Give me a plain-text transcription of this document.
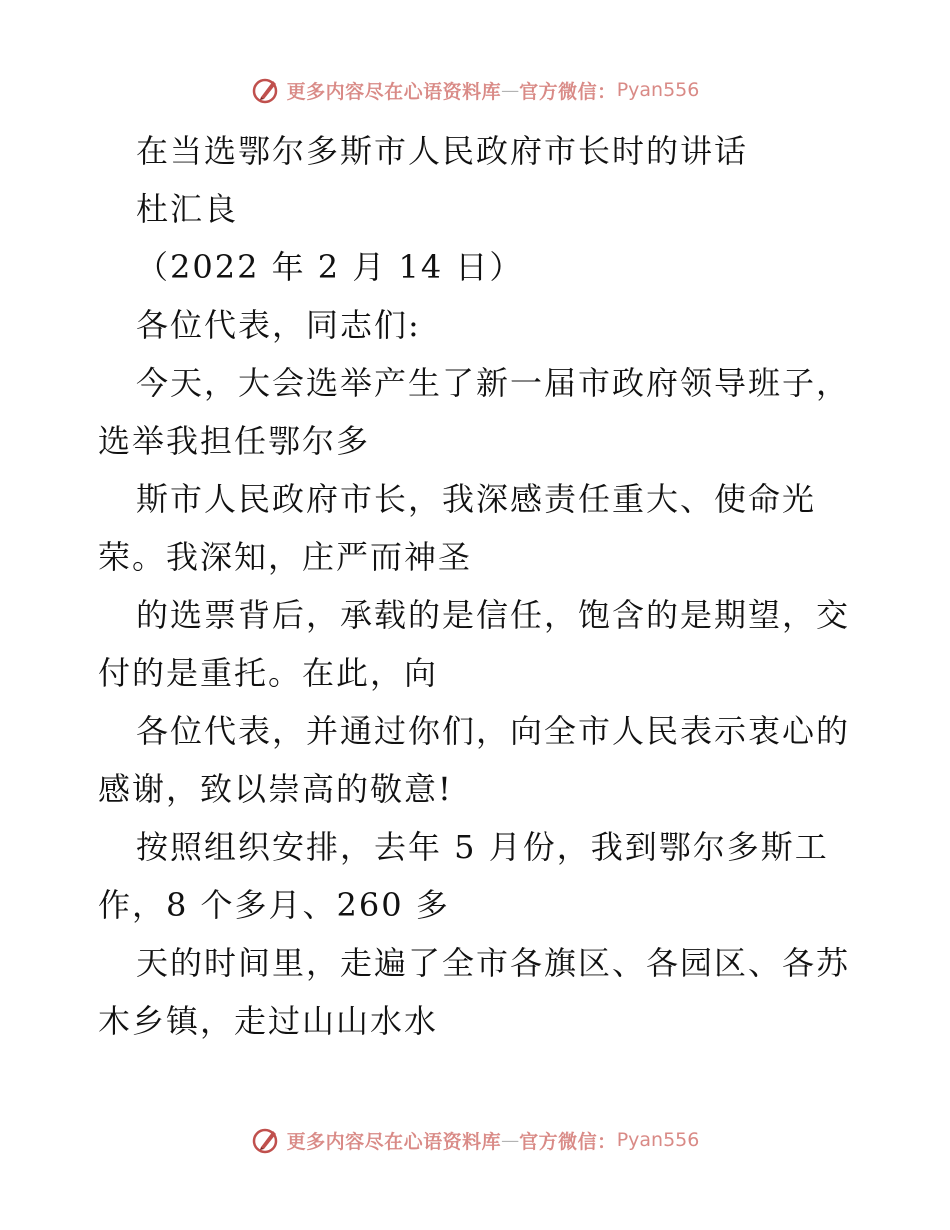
更多内容尽在心语资料库 — 官方微信： Pyan556
在当选鄂尔多斯市人民政府市长时的讲话
杜汇良
（2022 年 2 月 14 日）
各位代表，同志们:
今天，大会选举产生了新一届市政府领导班子，
选举我担任鄂尔多
斯市人民政府市长，我深感责任重大、使命光
荣。我深知，庄严而神圣
的选票背后，承载的是信任，饱含的是期望，交
付的是重托。在此，向
各位代表，并通过你们，向全市人民表示衷心的
感谢，致以崇高的敬意!
按照组织安排，去年 5 月份，我到鄂尔多斯工
作，8 个多月、260 多
天的时间里，走遍了全市各旗区、各园区、各苏
木乡镇，走过山山水水
更多内容尽在心语资料库 — 官方微信： Pyan556
